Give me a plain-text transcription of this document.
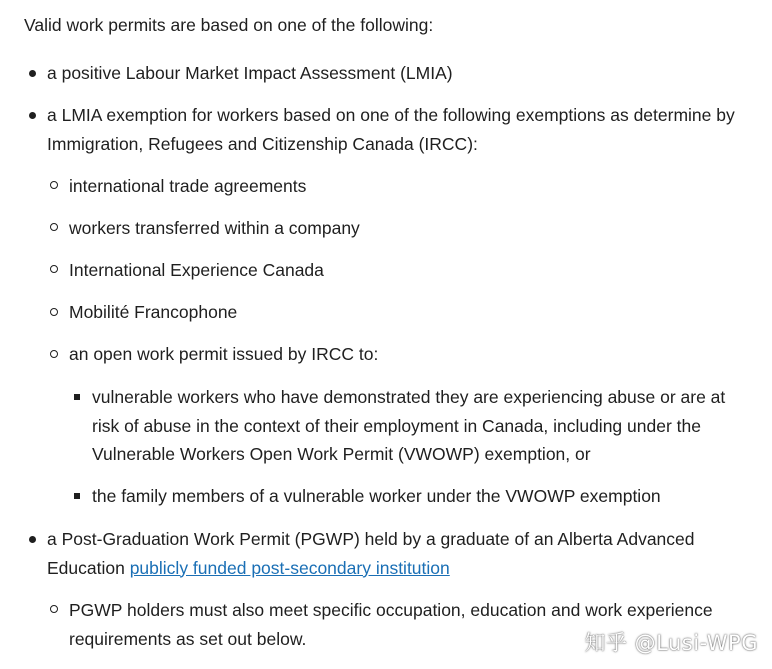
Valid work permits are based on one of the following:

a positive Labour Market Impact Assessment (LMIA)

a LMIA exemption for workers based on one of the following exemptions as determine by Immigration, Refugees and Citizenship Canada (IRCC):

international trade agreements

workers transferred within a company

International Experience Canada

Mobilité Francophone

an open work permit issued by IRCC to:

vulnerable workers who have demonstrated they are experiencing abuse or are at risk of abuse in the context of their employment in Canada, including under the Vulnerable Workers Open Work Permit (VWOWP) exemption, or

the family members of a vulnerable worker under the VWOWP exemption

a Post-Graduation Work Permit (PGWP) held by a graduate of an Alberta Advanced Education publicly funded post-secondary institution

PGWP holders must also meet specific occupation, education and work experience requirements as set out below.	知乎 @Lusi-WPG
